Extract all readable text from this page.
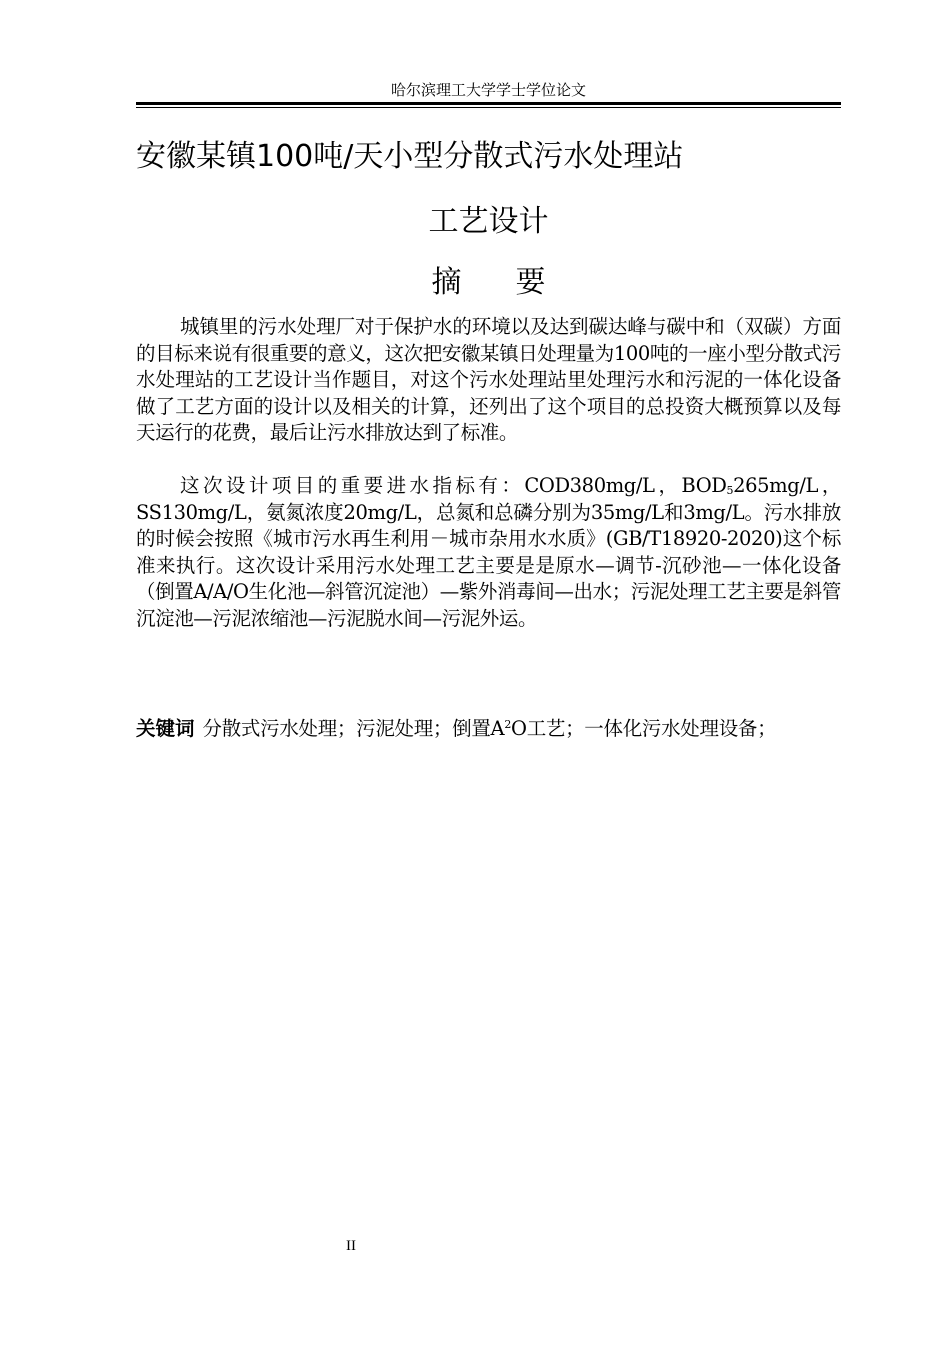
哈尔滨理工大学学士学位论文
安徽某镇100吨/天小型分散式污水处理站
工艺设计
摘要

城镇里的污水处理厂对于保护水的环境以及达到碳达峰与碳中和（双碳）方面的目标来说有很重要的意义，这次把安徽某镇日处理量为100吨的一座小型分散式污水处理站的工艺设计当作题目，对这个污水处理站里处理污水和污泥的一体化设备做了工艺方面的设计以及相关的计算，还列出了这个项目的总投资大概预算以及每天运行的花费，最后让污水排放达到了标准。

这次设计项目的重要进水指标有：COD380mg/L，$BOD_5265mg/L$，SS130mg/L，氨氮浓度20mg/L，总氮和总磷分别为35mg/L和3mg/L。污水排放的时候会按照《城市污水再生利用－城市杂用水水质》(GB/T18920-2020)这个标准来执行。这次设计采用污水处理工艺主要是是原水—调节-沉砂池—一体化设备（倒置A/A/O生化池—斜管沉淀池）—紫外消毒间—出水；污泥处理工艺主要是斜管沉淀池—污泥浓缩池—污泥脱水间—污泥外运。

关键词 分散式污水处理；污泥处理；倒置$A^2O$工艺；一体化污水处理设备；

II
